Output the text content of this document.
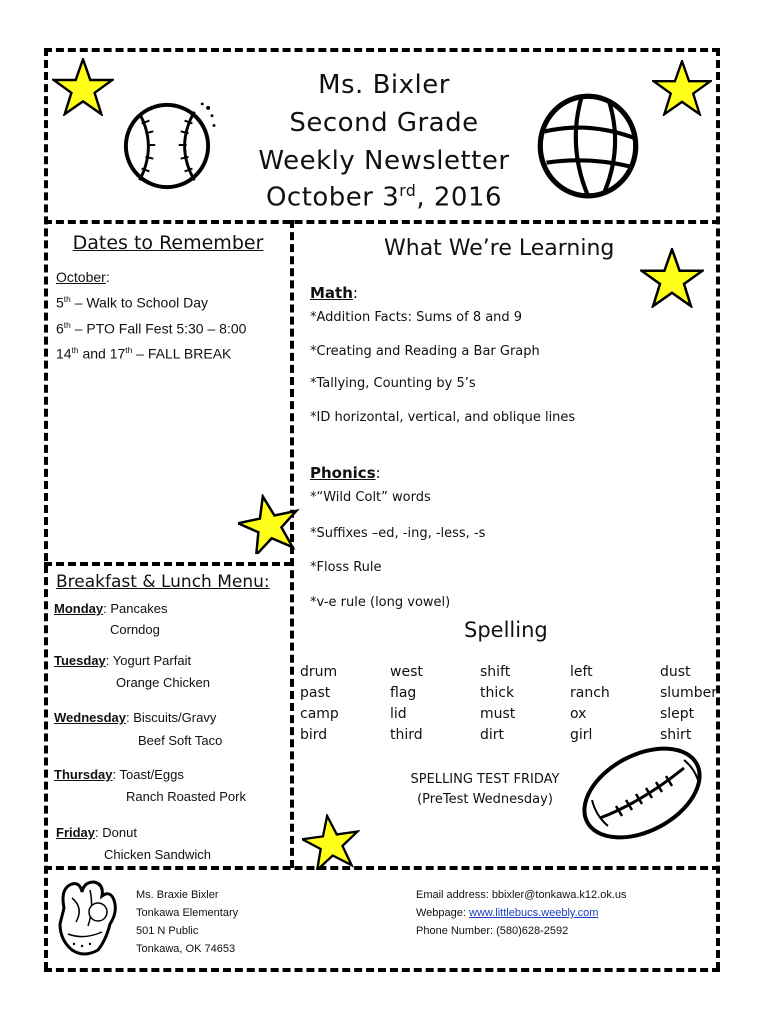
Ms. Bixler
Second Grade
Weekly Newsletter
October 3rd, 2016
Dates to Remember
October:
5th – Walk to School Day
6th – PTO Fall Fest 5:30 – 8:00
14th and 17th – FALL BREAK
Breakfast & Lunch Menu:
Monday: Pancakes
Corndog
Tuesday: Yogurt Parfait
Orange Chicken
Wednesday: Biscuits/Gravy
Beef Soft Taco
Thursday: Toast/Eggs
Ranch Roasted Pork
Friday: Donut
Chicken Sandwich
What We’re Learning
Math:
*Addition Facts: Sums of 8 and 9
*Creating and Reading a Bar Graph
*Tallying, Counting by 5’s
*ID horizontal, vertical, and oblique lines
Phonics:
*“Wild Colt” words
*Suffixes –ed, -ing, -less, -s
*Floss Rule
*v-e rule (long vowel)
Spelling
drum	west	shift	left	dust
past	flag	thick	ranch	slumber
camp	lid	must	ox	slept
bird	third	dirt	girl	shirt
SPELLING TEST FRIDAY
(PreTest Wednesday)
Ms. Braxie Bixler
Tonkawa Elementary
501 N Public
Tonkawa, OK 74653
Email address: bbixler@tonkawa.k12.ok.us
Webpage: www.littlebucs.weebly.com
Phone Number: (580)628-2592
